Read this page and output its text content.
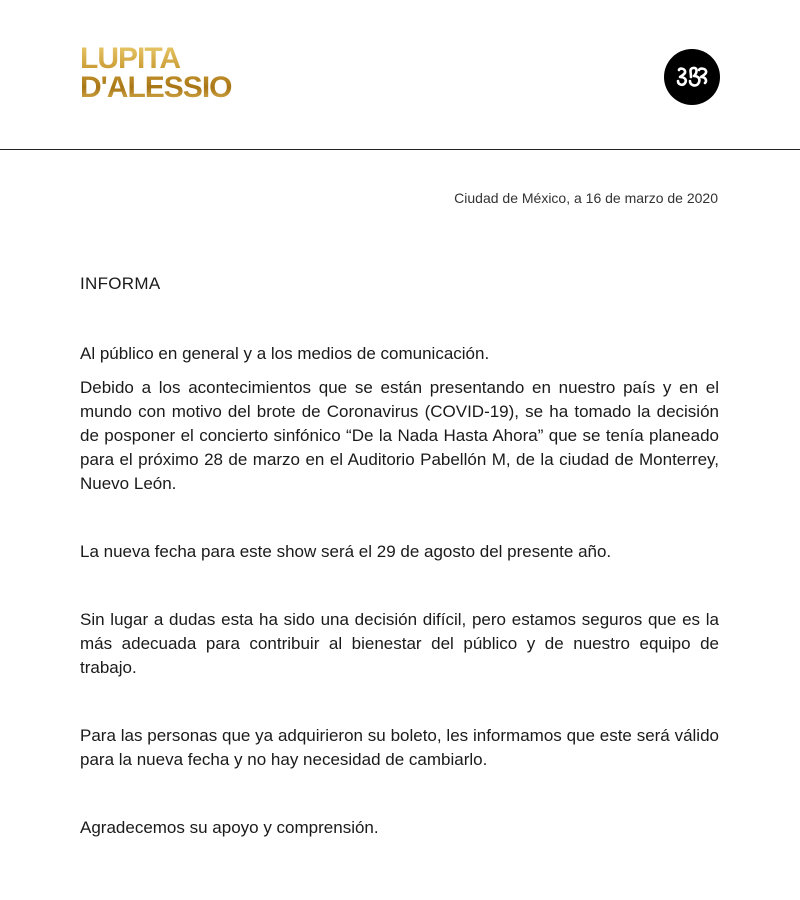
LUPITA
D'ALESSIO
Ciudad de México, a 16 de marzo de 2020
INFORMA

Al público en general y a los medios de comunicación.

Debido a los acontecimientos que se están presentando en nuestro país y en el mundo con motivo del brote de Coronavirus (COVID-19), se ha tomado la decisión de posponer el concierto sinfónico “De la Nada Hasta Ahora” que se tenía planeado para el próximo 28 de marzo en el Auditorio Pabellón M, de la ciudad de Monterrey, Nuevo León.

La nueva fecha para este show será el 29 de agosto del presente año.

Sin lugar a dudas esta ha sido una decisión difícil, pero estamos seguros que es la más adecuada para contribuir al bienestar del público y de nuestro equipo de trabajo.

Para las personas que ya adquirieron su boleto, les informamos que este será válido para la nueva fecha y no hay necesidad de cambiarlo.

Agradecemos su apoyo y comprensión.
